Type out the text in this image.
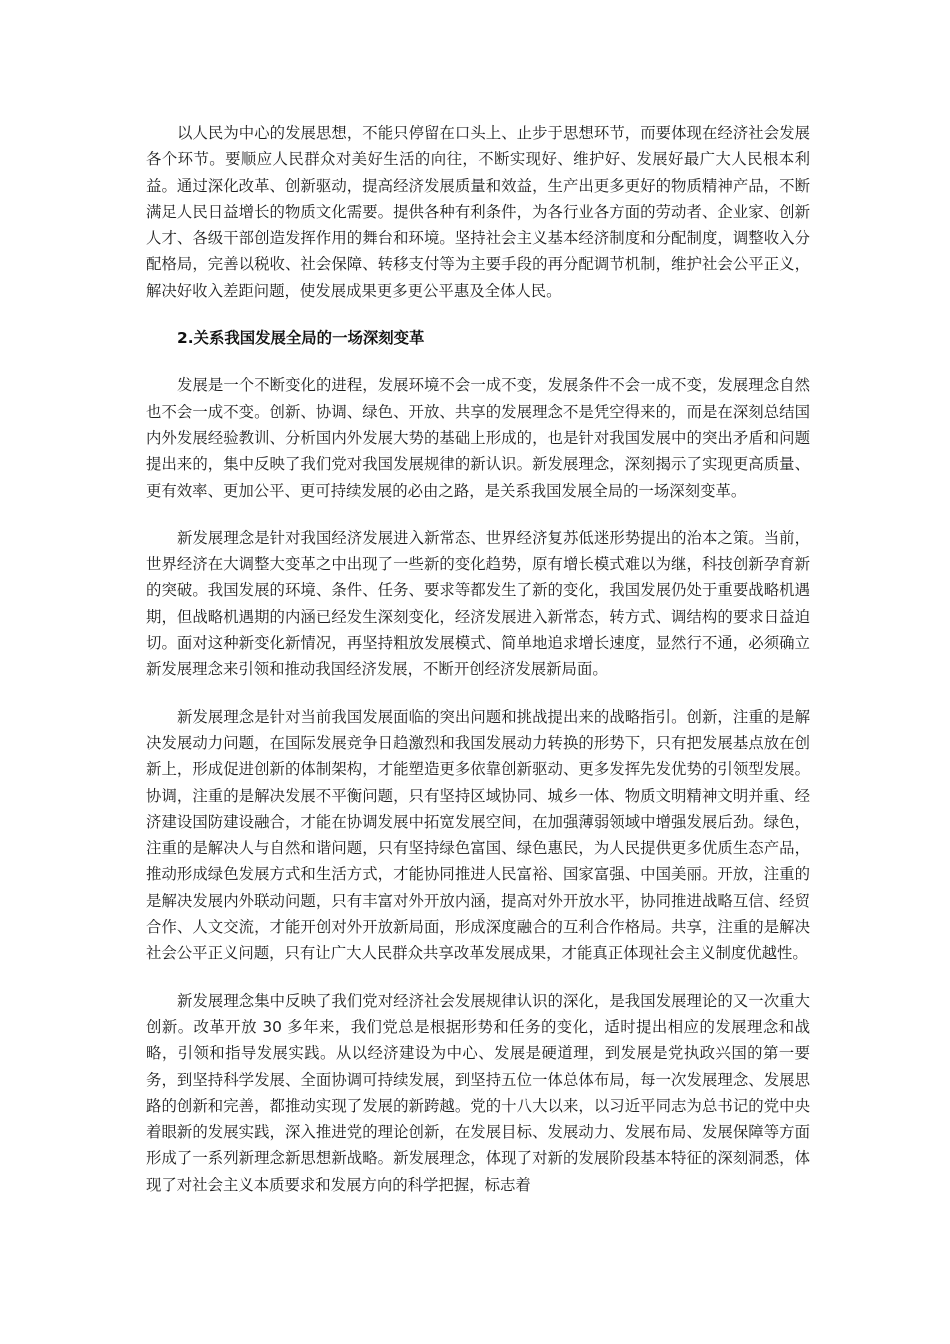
以人民为中心的发展思想，不能只停留在口头上、止步于思想环节，而要体现在经济社会发展各个环节。要顺应人民群众对美好生活的向往，不断实现好、维护好、发展好最广大人民根本利益。通过深化改革、创新驱动，提高经济发展质量和效益，生产出更多更好的物质精神产品，不断满足人民日益增长的物质文化需要。提供各种有利条件，为各行业各方面的劳动者、企业家、创新人才、各级干部创造发挥作用的舞台和环境。坚持社会主义基本经济制度和分配制度，调整收入分配格局，完善以税收、社会保障、转移支付等为主要手段的再分配调节机制，维护社会公平正义，解决好收入差距问题，使发展成果更多更公平惠及全体人民。

2.关系我国发展全局的一场深刻变革

发展是一个不断变化的进程，发展环境不会一成不变，发展条件不会一成不变，发展理念自然也不会一成不变。创新、协调、绿色、开放、共享的发展理念不是凭空得来的，而是在深刻总结国内外发展经验教训、分析国内外发展大势的基础上形成的，也是针对我国发展中的突出矛盾和问题提出来的，集中反映了我们党对我国发展规律的新认识。新发展理念，深刻揭示了实现更高质量、更有效率、更加公平、更可持续发展的必由之路，是关系我国发展全局的一场深刻变革。

新发展理念是针对我国经济发展进入新常态、世界经济复苏低迷形势提出的治本之策。当前，世界经济在大调整大变革之中出现了一些新的变化趋势，原有增长模式难以为继，科技创新孕育新的突破。我国发展的环境、条件、任务、要求等都发生了新的变化，我国发展仍处于重要战略机遇期，但战略机遇期的内涵已经发生深刻变化，经济发展进入新常态，转方式、调结构的要求日益迫切。面对这种新变化新情况，再坚持粗放发展模式、简单地追求增长速度，显然行不通，必须确立新发展理念来引领和推动我国经济发展，不断开创经济发展新局面。

新发展理念是针对当前我国发展面临的突出问题和挑战提出来的战略指引。创新，注重的是解决发展动力问题，在国际发展竞争日趋激烈和我国发展动力转换的形势下，只有把发展基点放在创新上，形成促进创新的体制架构，才能塑造更多依靠创新驱动、更多发挥先发优势的引领型发展。协调，注重的是解决发展不平衡问题，只有坚持区域协同、城乡一体、物质文明精神文明并重、经济建设国防建设融合，才能在协调发展中拓宽发展空间，在加强薄弱领域中增强发展后劲。绿色，注重的是解决人与自然和谐问题，只有坚持绿色富国、绿色惠民，为人民提供更多优质生态产品，推动形成绿色发展方式和生活方式，才能协同推进人民富裕、国家富强、中国美丽。开放，注重的是解决发展内外联动问题，只有丰富对外开放内涵，提高对外开放水平，协同推进战略互信、经贸合作、人文交流，才能开创对外开放新局面，形成深度融合的互利合作格局。共享，注重的是解决社会公平正义问题，只有让广大人民群众共享改革发展成果，才能真正体现社会主义制度优越性。

新发展理念集中反映了我们党对经济社会发展规律认识的深化，是我国发展理论的又一次重大创新。改革开放 30 多年来，我们党总是根据形势和任务的变化，适时提出相应的发展理念和战略，引领和指导发展实践。从以经济建设为中心、发展是硬道理，到发展是党执政兴国的第一要务，到坚持科学发展、全面协调可持续发展，到坚持五位一体总体布局，每一次发展理念、发展思路的创新和完善，都推动实现了发展的新跨越。党的十八大以来，以习近平同志为总书记的党中央着眼新的发展实践，深入推进党的理论创新，在发展目标、发展动力、发展布局、发展保障等方面形成了一系列新理念新思想新战略。新发展理念，体现了对新的发展阶段基本特征的深刻洞悉，体现了对社会主义本质要求和发展方向的科学把握，标志着
